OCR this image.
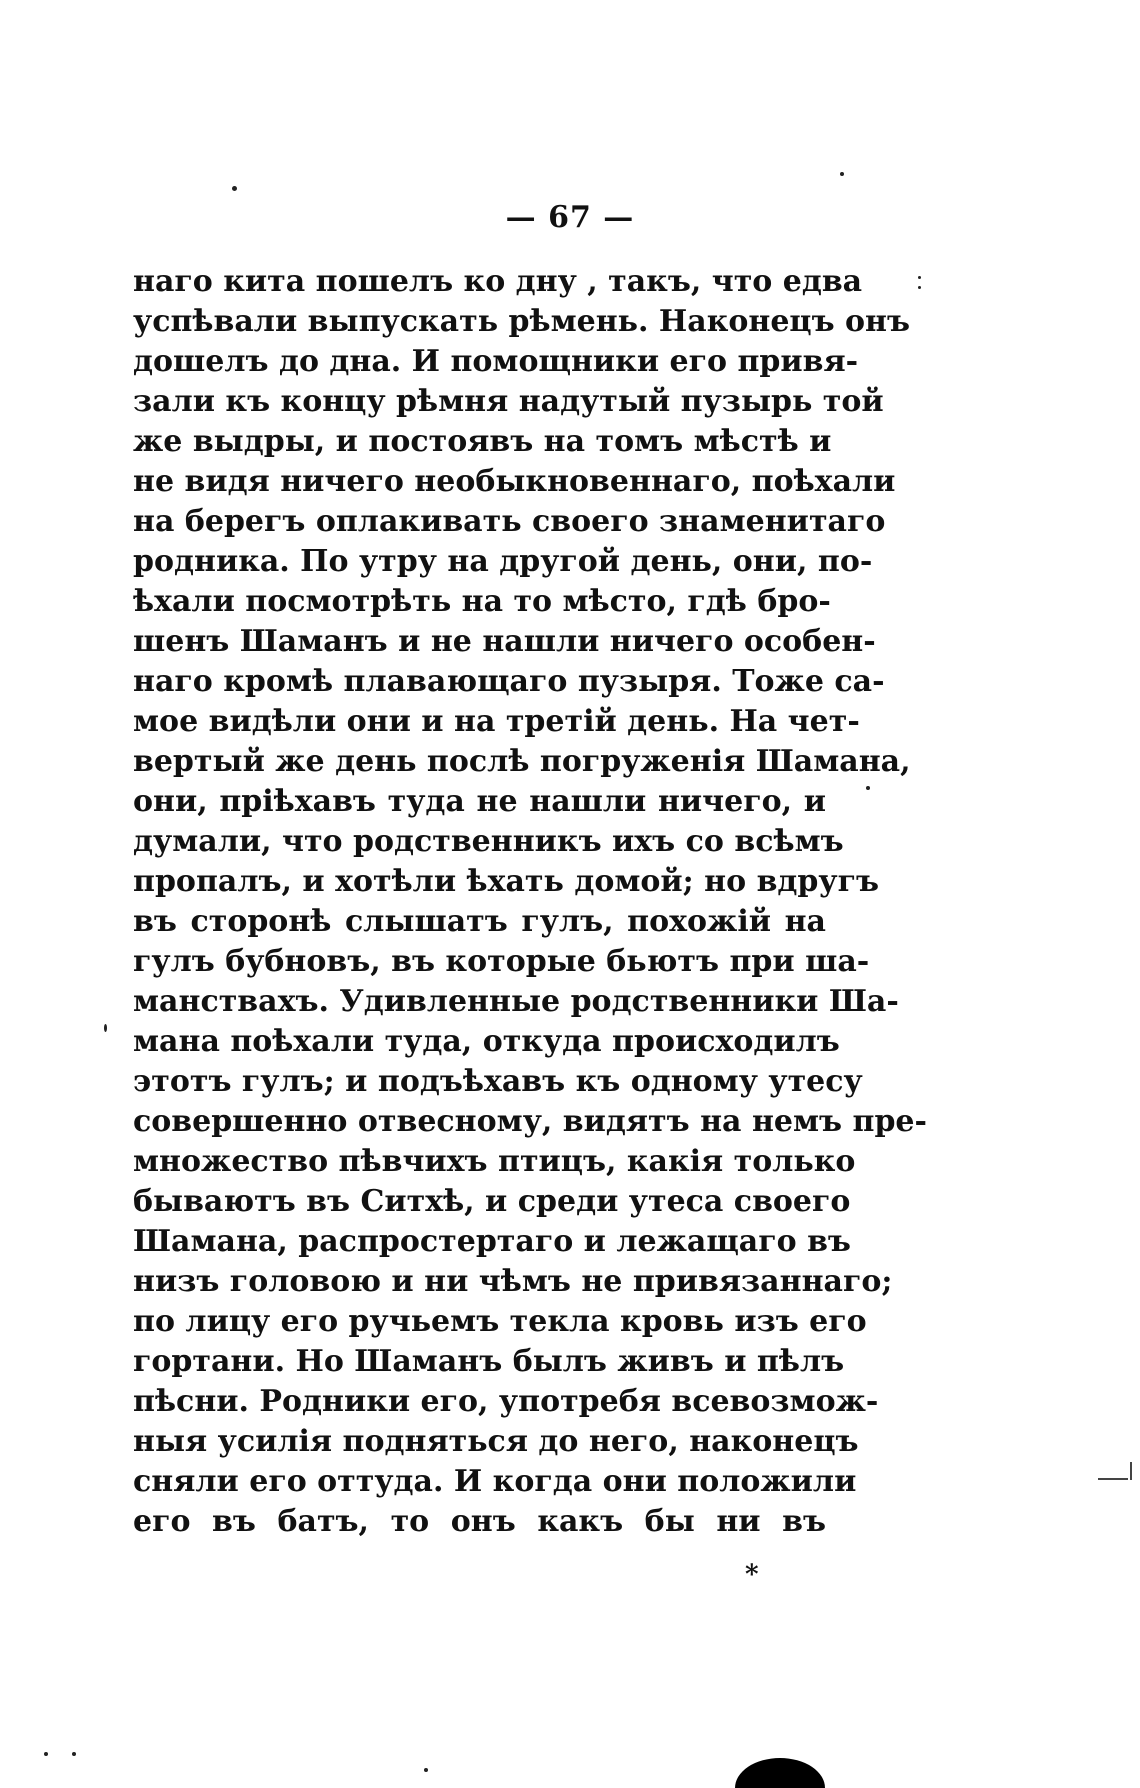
— 67 —
наго кита пошелъ ко дну , такъ, что едва
успѣвали выпускать рѣмень. Наконецъ онъ
дошелъ до дна. И помощники его привя-
зали къ концу рѣмня надутый пузырь той
же выдры, и постоявъ на томъ мѣстѣ и
не видя ничего необыкновеннаго, поѣхали
на берегъ оплакивать своего знаменитаго
родника. По утру на другой день, они, по-
ѣхали посмотрѣть на то мѣсто, гдѣ бро-
шенъ Шаманъ и не нашли ничего особен-
наго кромѣ плавающаго пузыря. Тоже са-
мое видѣли они и на третій день. На чет-
вертый же день послѣ погруженія Шамана,
они, пріѣхавъ туда не нашли ничего, и
думали, что родственникъ ихъ со всѣмъ
пропалъ, и хотѣли ѣхать домой; но вдругъ
въ сторонѣ слышатъ гулъ, похожій на
гулъ бубновъ, въ которые бьютъ при ша-
манствахъ. Удивленные родственники Ша-
мана поѣхали туда, откуда происходилъ
этотъ гулъ; и подъѣхавъ къ одному утесу
совершенно отвесному, видятъ на немъ пре-
множество пѣвчихъ птицъ, какія только
бываютъ въ Ситхѣ, и среди утеса своего
Шамана, распростертаго и лежащаго въ
низъ головою и ни чѣмъ не привязаннаго;
по лицу его ручьемъ текла кровь изъ его
гортани. Но Шаманъ былъ живъ и пѣлъ
пѣсни. Родники его, употребя всевозмож-
ныя усилія подняться до него, наконецъ
сняли его оттуда. И когда они положили
его въ батъ, то онъ какъ бы ни въ
*
